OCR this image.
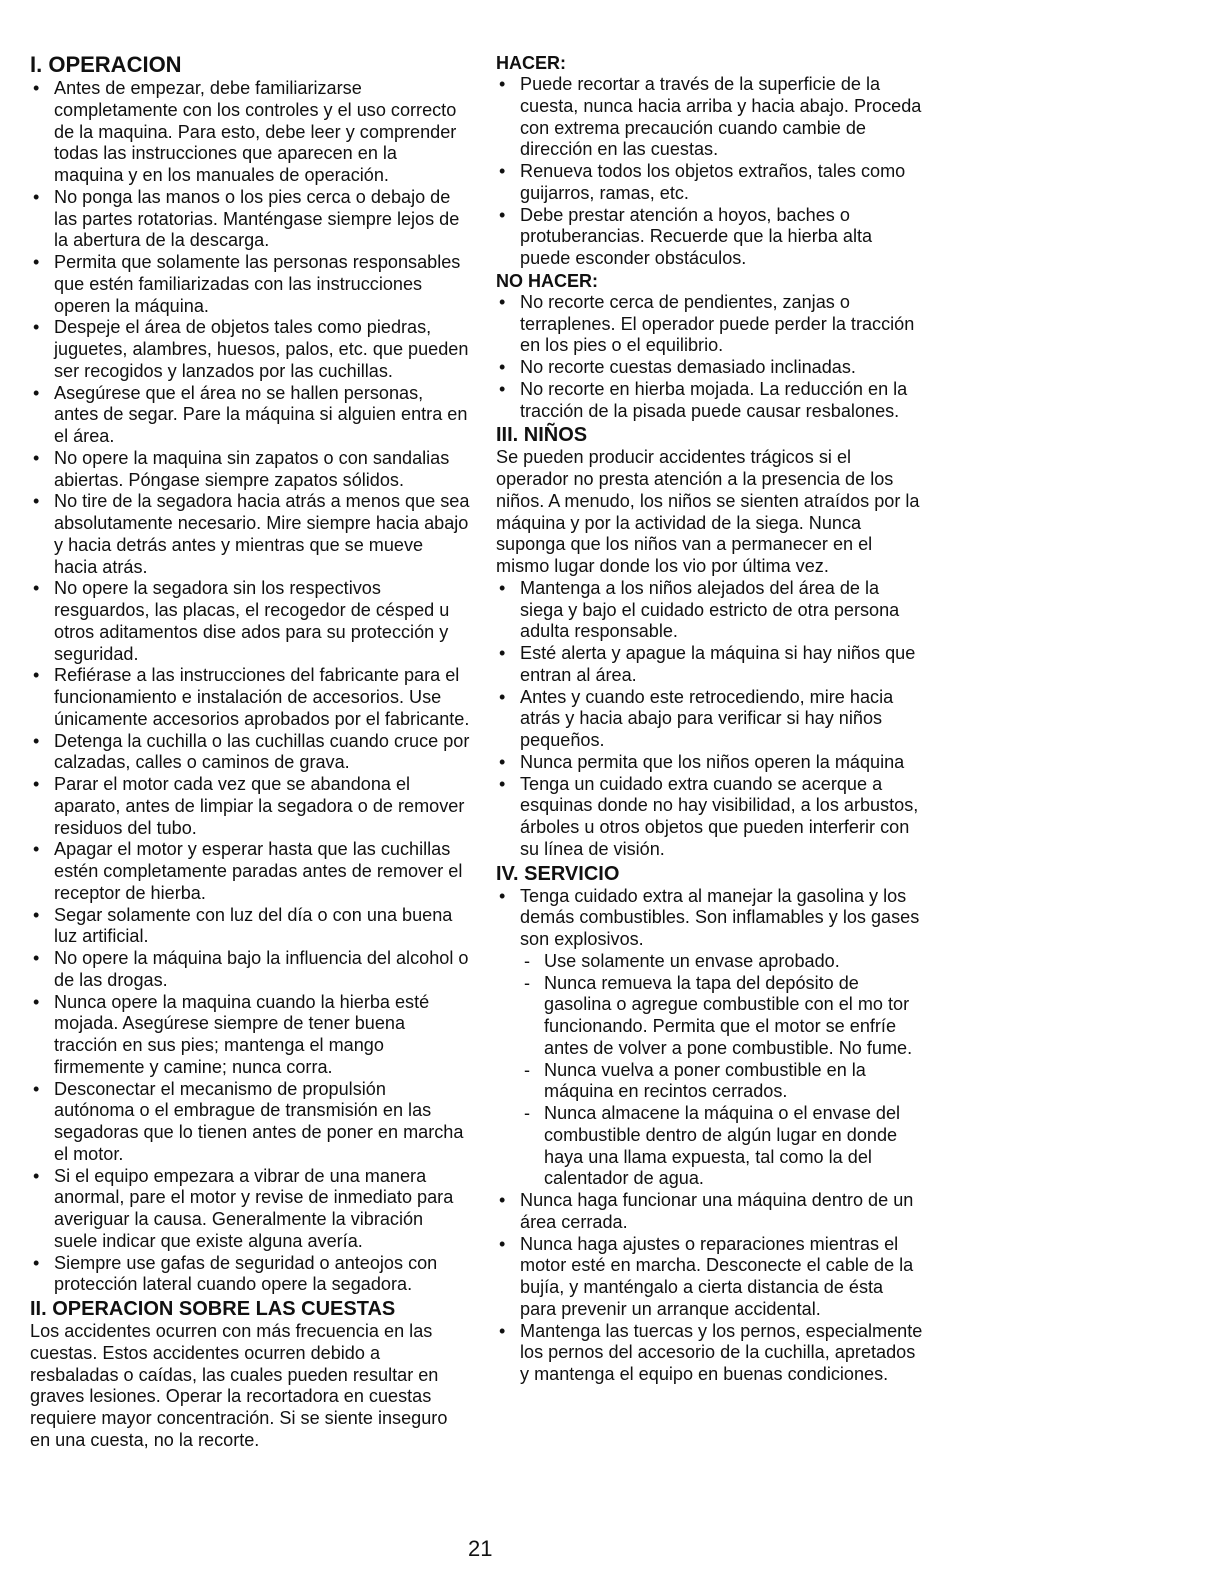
I. OPERACION
• Antes de empezar, debe familiarizarse completamente con los controles y el uso correcto de la maquina. Para esto, debe leer y comprender todas las instrucciones que aparecen en la maquina y en los manuales de operación.
• No ponga las manos o los pies cerca o debajo de las partes rotatorias. Manténgase siempre lejos de la abertura de la descarga.
• Permita que solamente las personas responsables que estén familiarizadas con las instrucciones operen la máquina.
• Despeje el área de objetos tales como piedras, juguetes, alambres, huesos, palos, etc. que pueden ser recogidos y lanzados por las cuchillas.
• Asegúrese que el área no se hallen personas, antes de segar. Pare la máquina si alguien entra en el área.
• No opere la maquina sin zapatos o con sandalias abiertas. Póngase siempre zapatos sólidos.
• No tire de la segadora hacia atrás a menos que sea absolutamente necesario. Mire siempre hacia abajo y hacia detrás antes y mientras que se mueve hacia atrás.
• No opere la segadora sin los respectivos resguardos, las placas, el recogedor de césped u otros aditamentos dise ados para su protección y seguridad.
• Refiérase a las instrucciones del fabricante para el funcionamiento e instalación de accesorios. Use únicamente accesorios aprobados por el fabricante.
• Detenga la cuchilla o las cuchillas cuando cruce por calzadas, calles o caminos de grava.
• Parar el motor cada vez que se abandona el aparato, antes de limpiar la segadora o de remover residuos del tubo.
• Apagar el motor y esperar hasta que las cuchillas estén completamente paradas antes de remover el receptor de hierba.
• Segar solamente con luz del día o con una buena luz artificial.
• No opere la máquina bajo la influencia del alcohol o de las drogas.
• Nunca opere la maquina cuando la hierba esté mojada. Asegúrese siempre de tener buena tracción en sus pies; mantenga el mango firmemente y camine; nunca corra.
• Desconectar el mecanismo de propulsión autónoma o el embrague de transmisión en las segadoras que lo tienen antes de poner en marcha el motor.
• Si el equipo empezara a vibrar de una manera anormal, pare el motor y revise de inmediato para averiguar la causa. Generalmente la vibración suele indicar que existe alguna avería.
• Siempre use gafas de seguridad o anteojos con protección lateral cuando opere la segadora.
II. OPERACION SOBRE LAS CUESTAS

Los accidentes ocurren con más frecuencia en las cuestas. Estos accidentes ocurren debido a resbaladas o caídas, las cuales pueden resultar en graves lesiones. Operar la recortadora en cuestas requiere mayor concentración. Si se siente inseguro en una cuesta, no la recorte.

HACER:
• Puede recortar a través de la superficie de la cuesta, nunca hacia arriba y hacia abajo. Proceda con extrema precaución cuando cambie de dirección en las cuestas.
• Renueva todos los objetos extraños, tales como guijarros, ramas, etc.
• Debe prestar atención a hoyos, baches o protuberancias. Recuerde que la hierba alta puede esconder obstáculos.
NO HACER:
• No recorte cerca de pendientes, zanjas o terraplenes. El operador puede perder la tracción en los pies o el equilibrio.
• No recorte cuestas demasiado inclinadas.
• No recorte en hierba mojada. La reducción en la tracción de la pisada puede causar resbalones.
III. NIÑOS

Se pueden producir accidentes trágicos si el operador no presta atención a la presencia de los niños. A menudo, los niños se sienten atraídos por la máquina y por la actividad de la siega. Nunca suponga que los niños van a permanecer en el mismo lugar donde los vio por última vez.

• Mantenga a los niños alejados del área de la siega y bajo el cuidado estricto de otra persona adulta responsable.
• Esté alerta y apague la máquina si hay niños que entran al área.
• Antes y cuando este retrocediendo, mire hacia atrás y hacia abajo para verificar si hay niños pequeños.
• Nunca permita que los niños operen la máquina
• Tenga un cuidado extra cuando se acerque a esquinas donde no hay visibilidad, a los arbustos, árboles u otros objetos que pueden interferir con su línea de visión.
IV. SERVICIO
• Tenga cuidado extra al manejar la gasolina y los demás combustibles. Son inflamables y los gases son explosivos.
- Use solamente un envase aprobado.
- Nunca remueva la tapa del depósito de gasolina o agregue combustible con el mo tor funcionando. Permita que el motor se enfríe antes de volver a pone combustible. No fume.
- Nunca vuelva a poner combustible en la máquina en recintos cerrados.
- Nunca almacene la máquina o el envase del combustible dentro de algún lugar en donde haya una llama expuesta, tal como la del calentador de agua.
• Nunca haga funcionar una máquina dentro de un área cerrada.
• Nunca haga ajustes o reparaciones mientras el motor esté en marcha. Desconecte el cable de la bujía, y manténgalo a cierta distancia de ésta para prevenir un arranque accidental.
• Mantenga las tuercas y los pernos, especialmente los pernos del accesorio de la cuchilla, apretados y mantenga el equipo en buenas condiciones.
21
